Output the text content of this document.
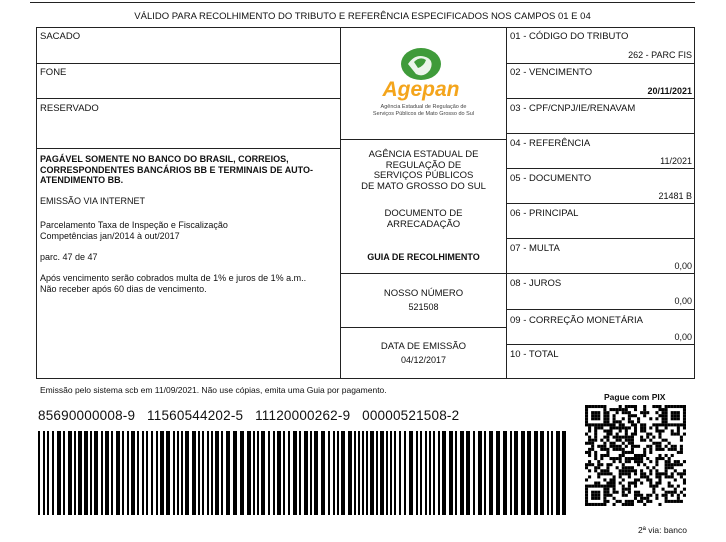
VÁLIDO PARA RECOLHIMENTO DO TRIBUTO E REFERÊNCIA ESPECIFICADOS NOS CAMPOS 01 E 04
SACADO
FONE
RESERVADO
PAGÁVEL SOMENTE NO BANCO DO BRASIL, CORREIOS, CORRESPONDENTES BANCÁRIOS BB E TERMINAIS DE AUTO-ATENDIMENTO BB.
EMISSÃO VIA INTERNET
Parcelamento Taxa de Inspeção e Fiscalização
Competências jan/2014 à out/2017
parc. 47 de 47
Após vencimento serão cobrados multa de 1% e juros de 1% a.m..
Não receber após 60 dias de vencimento.
Agepan
Agência Estadual de Regulação de
Serviços Públicos de Mato Grosso do Sul
AGÊNCIA ESTADUAL DE
REGULAÇÃO DE
SERVIÇOS PÚBLICOS
DE MATO GROSSO DO SUL
DOCUMENTO DE
ARRECADAÇÃO
GUIA DE RECOLHIMENTO
NOSSO NÚMERO
521508
DATA DE EMISSÃO
04/12/2017
01 - CÓDIGO DO TRIBUTO
262 - PARC FIS
02 - VENCIMENTO
20/11/2021
03 - CPF/CNPJ/IE/RENAVAM
04 - REFERÊNCIA
11/2021
05 - DOCUMENTO
21481 B
06 - PRINCIPAL
07 - MULTA
0,00
08 - JUROS
0,00
09 - CORREÇÃO MONETÁRIA
0,00
10 - TOTAL
Emissão pelo sistema scb em 11/09/2021. Não use cópias, emita uma Guia por pagamento.
85690000008-9   11560544202-5   11120000262-9   00000521508-2
Pague com PIX
2ª via: banco
